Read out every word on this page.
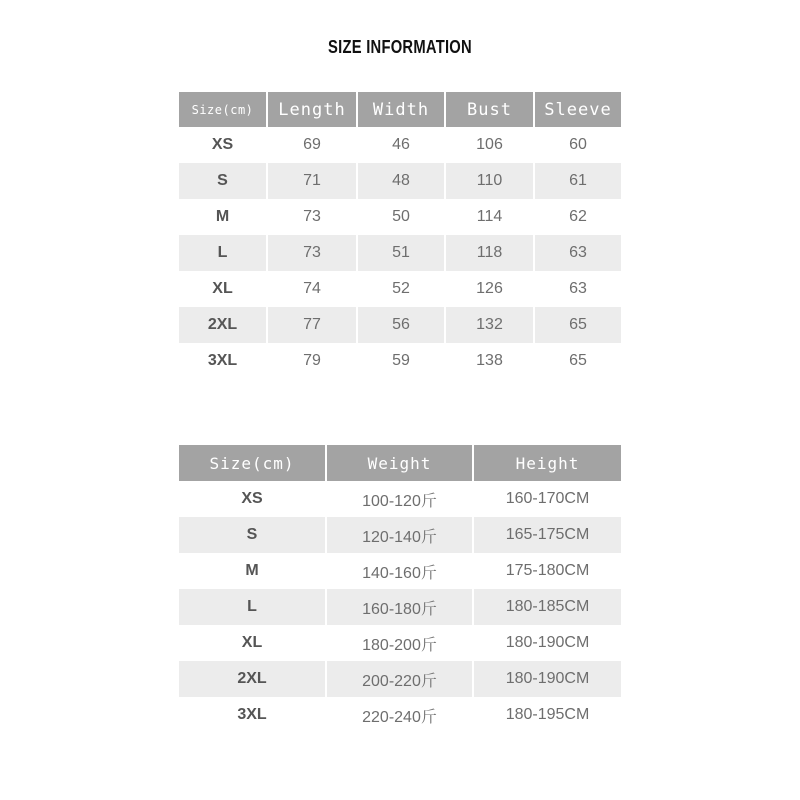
SIZE INFORMATION
Size(cm)	Length	Width	Bust	Sleeve
XS	69	46	106	60
S	71	48	110	61
M	73	50	114	62
L	73	51	118	63
XL	74	52	126	63
2XL	77	56	132	65
3XL	79	59	138	65
Size(cm)	Weight	Height
XS	100-120斤	160-170CM
S	120-140斤	165-175CM
M	140-160斤	175-180CM
L	160-180斤	180-185CM
XL	180-200斤	180-190CM
2XL	200-220斤	180-190CM
3XL	220-240斤	180-195CM
